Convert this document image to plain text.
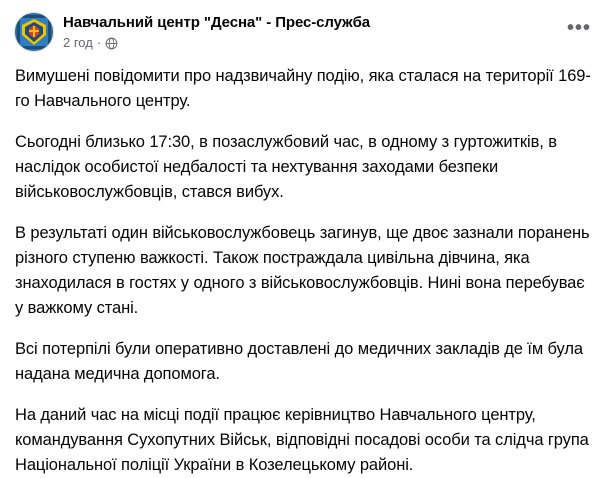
Навчальний центр "Десна" - Прес-служба
2 год ·
•••

Вимушені повідомити про надзвичайну подію, яка сталася на території 169-го Навчального центру.

Сьогодні близько 17:30, в позаслужбовий час, в одному з гуртожитків, в наслідок особистої недбалості та нехтування заходами безпеки військовослужбовців, стався вибух.

В результаті один військовослужбовець загинув, ще двоє зазнали поранень різного ступеню важкості. Також постраждала цивільна дівчина, яка знаходилася в гостях у одного з військовослужбовців. Нині вона перебуває у важкому стані.

Всі потерпілі були оперативно доставлені до медичних закладів де їм була надана медична допомога.

На даний час на місці події працює керівництво Навчального центру, командування Сухопутних Військ, відповідні посадові особи та слідча група Національної поліції України в Козелецькому районі.
